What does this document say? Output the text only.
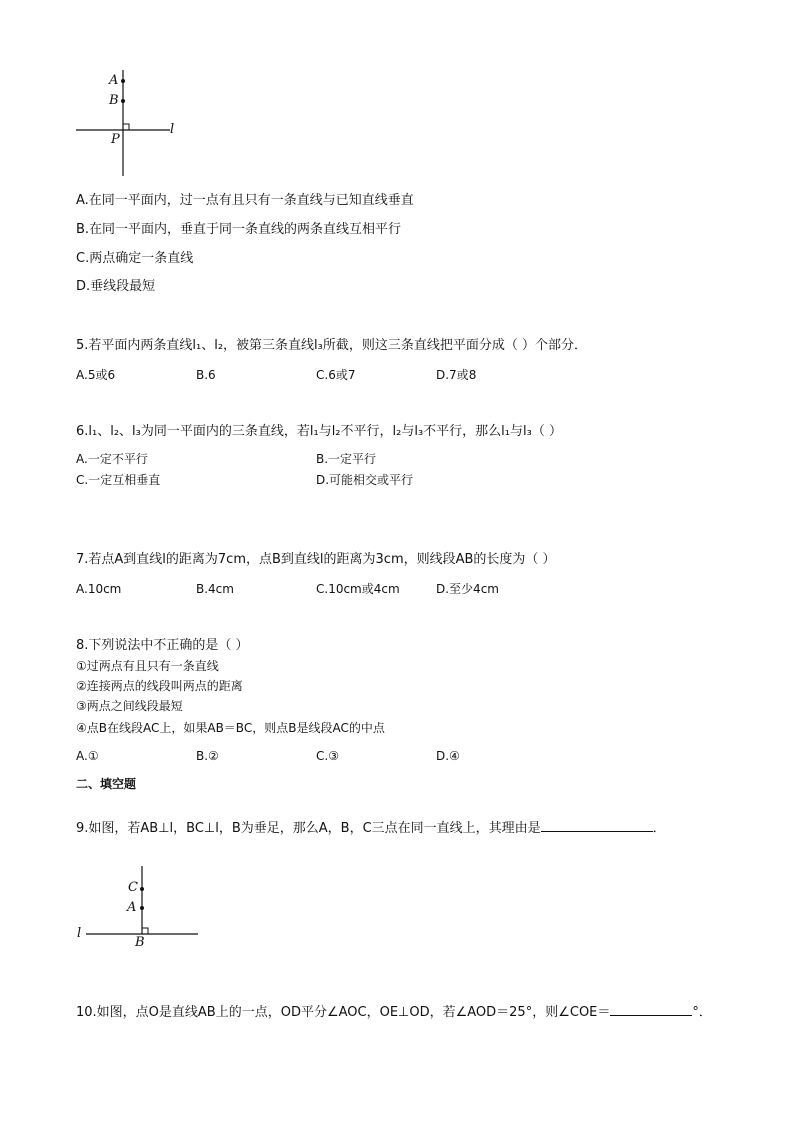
A
B
P
l
A.在同一平面内，过一点有且只有一条直线与已知直线垂直
B.在同一平面内，垂直于同一条直线的两条直线互相平行
C.两点确定一条直线
D.垂线段最短
5.若平面内两条直线l₁、l₂，被第三条直线l₃所截，则这三条直线把平面分成（ ）个部分．
A.5或6	B.6	C.6或7	D.7或8
6.l₁、l₂、l₃为同一平面内的三条直线，若l₁与l₂不平行，l₂与l₃不平行，那么l₁与l₃（ ）
A.一定不平行	B.一定平行
C.一定互相垂直	D.可能相交或平行
7.若点A到直线l的距离为7cm，点B到直线l的距离为3cm，则线段AB的长度为（ ）
A.10cm	B.4cm	C.10cm或4cm	D.至少4cm
8.下列说法中不正确的是（ ）
①过两点有且只有一条直线
②连接两点的线段叫两点的距离
③两点之间线段最短
④点B在线段AC上，如果AB＝BC，则点B是线段AC的中点
A.①	B.②	C.③	D.④
二、填空题
9.如图，若AB⊥l，BC⊥l，B为垂足，那么A，B，C三点在同一直线上，其理由是	．
C
A
B
l
10.如图，点O是直线AB上的一点，OD平分∠AOC，OE⊥OD，若∠AOD＝25°，则∠COE＝	°．
